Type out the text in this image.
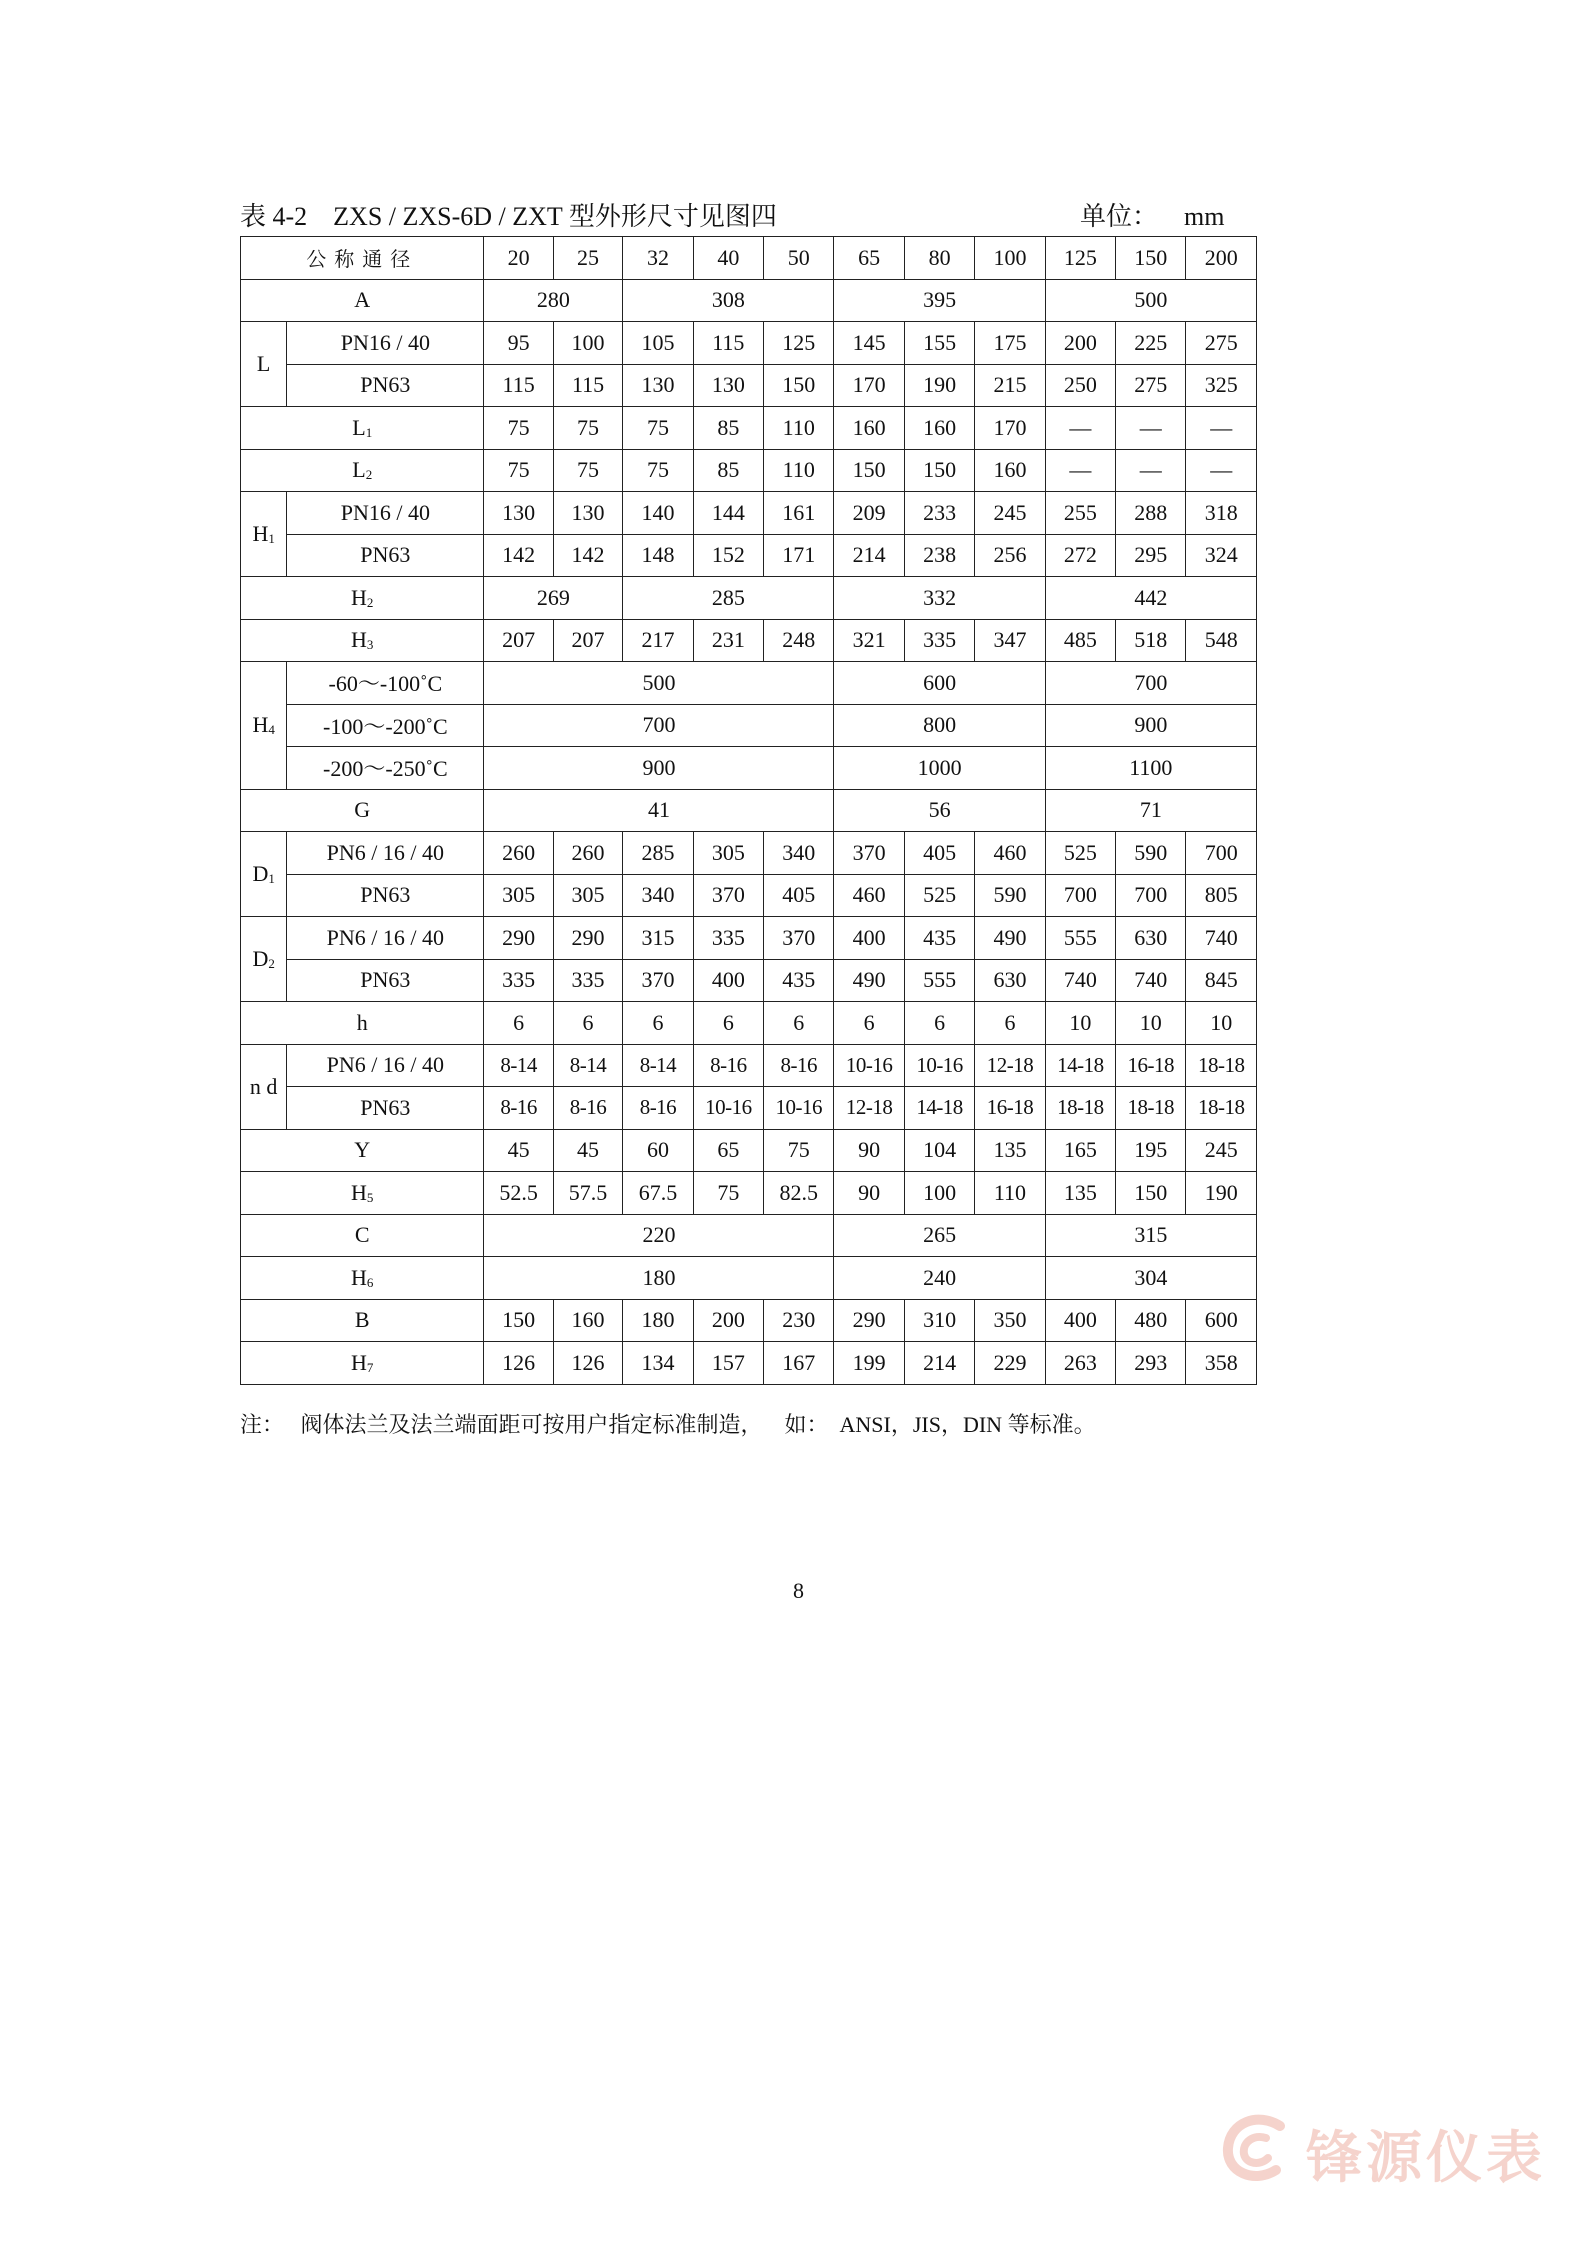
表 4-2    ZXS / ZXS-6D / ZXT 型外形尺寸见图四	单位：    mm
公称通径		20	25	32	40	50	65	80	100	125	150	200
A		280		308			395			500		
L	PN16 / 40	95	100	105	115	125	145	155	175	200	225	275
	PN63	115	115	130	130	150	170	190	215	250	275	325
$L_1$		75	75	75	85	110	160	160	170	—	—	—
$L_2$		75	75	75	85	110	150	150	160	—	—	—
$H_1$	PN16 / 40	130	130	140	144	161	209	233	245	255	288	318
	PN63	142	142	148	152	171	214	238	256	272	295	324
$H_2$		269		285			332			442		
$H_3$		207	207	217	231	248	321	335	347	485	518	548
$H_4$	-60～-100˚C	500					600			700		
	-100～-200˚C	700					800			900		
	-200～-250˚C	900					1000			1100		
G		41					56			71		
$D_1$	PN6 / 16 / 40	260	260	285	305	340	370	405	460	525	590	700
	PN63	305	305	340	370	405	460	525	590	700	700	805
$D_2$	PN6 / 16 / 40	290	290	315	335	370	400	435	490	555	630	740
	PN63	335	335	370	400	435	490	555	630	740	740	845
h		6	6	6	6	6	6	6	6	10	10	10
n d	PN6 / 16 / 40	8-14	8-14	8-14	8-16	8-16	10-16	10-16	12-18	14-18	16-18	18-18
	PN63	8-16	8-16	8-16	10-16	10-16	12-18	14-18	16-18	18-18	18-18	18-18
Y		45	45	60	65	75	90	104	135	165	195	245
$H_5$		52.5	57.5	67.5	75	82.5	90	100	110	135	150	190
C		220					265			315		
$H_6$		180					240			304		
B		150	160	180	200	230	290	310	350	400	480	600
$H_7$		126	126	134	157	167	199	214	229	263	293	358
注：   阀体法兰及法兰端面距可按用户指定标准制造，    如：  ANSI，JIS，DIN 等标准。
8
锋源仪表
